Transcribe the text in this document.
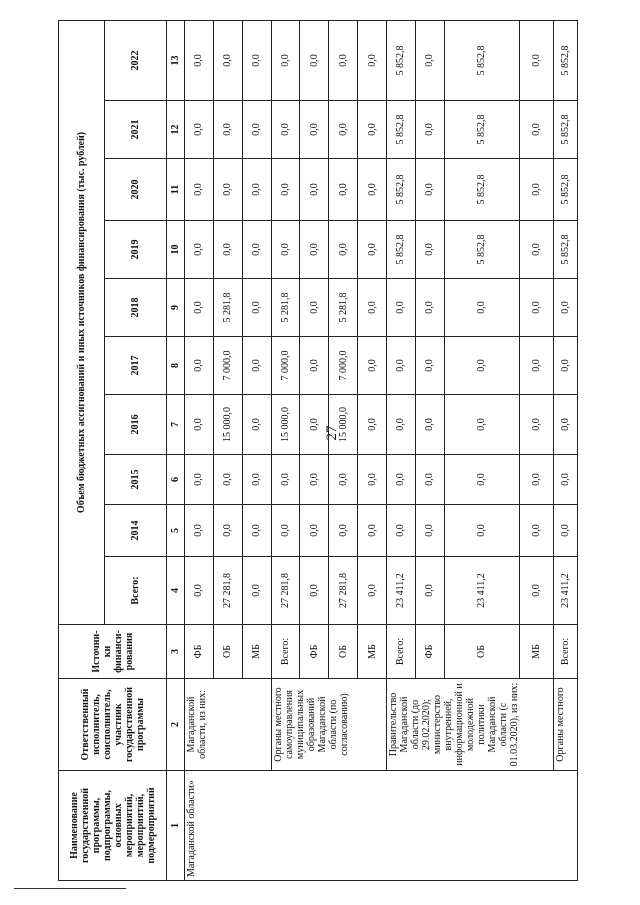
27
Наименование государственной программы, подпрограммы, основных мероприятий, мероприятий, подмероприятий	Ответственный исполнитель, соисполнитель, участник государственной программы	Источни-ки финанси-рования	Объем бюджетных ассигнований и иных источников финансирования (тыс. рублей)									
			Всего:	2014	2015	2016	2017	2018	2019	2020	2021	2022
1	2	3	4	5	6	7	8	9	10	11	12	13
Магаданской области»	Магаданской области, из них:	ФБ	0,0	0,0	0,0	0,0	0,0	0,0	0,0	0,0	0,0	0,0
		ОБ	27 281,8	0,0	0,0	15 000,0	7 000,0	5 281,8	0,0	0,0	0,0	0,0
		МБ	0,0	0,0	0,0	0,0	0,0	0,0	0,0	0,0	0,0	0,0
	Органы местного самоуправления муниципальных образований Магаданской области (по согласованию)	Всего:	27 281,8	0,0	0,0	15 000,0	7 000,0	5 281,8	0,0	0,0	0,0	0,0
		ФБ	0,0	0,0	0,0	0,0	0,0	0,0	0,0	0,0	0,0	0,0
		ОБ	27 281,8	0,0	0,0	15 000,0	7 000,0	5 281,8	0,0	0,0	0,0	0,0
		МБ	0,0	0,0	0,0	0,0	0,0	0,0	0,0	0,0	0,0	0,0
	Правительство Магаданской области (до 29.02.2020); министерство внутренней, информационной и молодежной политики Магаданской области (с 01.03.2020), из них:	Всего:	23 411,2	0,0	0,0	0,0	0,0	0,0	5 852,8	5 852,8	5 852,8	5 852,8
		ФБ	0,0	0,0	0,0	0,0	0,0	0,0	0,0	0,0	0,0	0,0
		ОБ	23 411,2	0,0	0,0	0,0	0,0	0,0	5 852,8	5 852,8	5 852,8	5 852,8
		МБ	0,0	0,0	0,0	0,0	0,0	0,0	0,0	0,0	0,0	0,0
	Органы местного	Всего:	23 411,2	0,0	0,0	0,0	0,0	0,0	5 852,8	5 852,8	5 852,8	5 852,8
